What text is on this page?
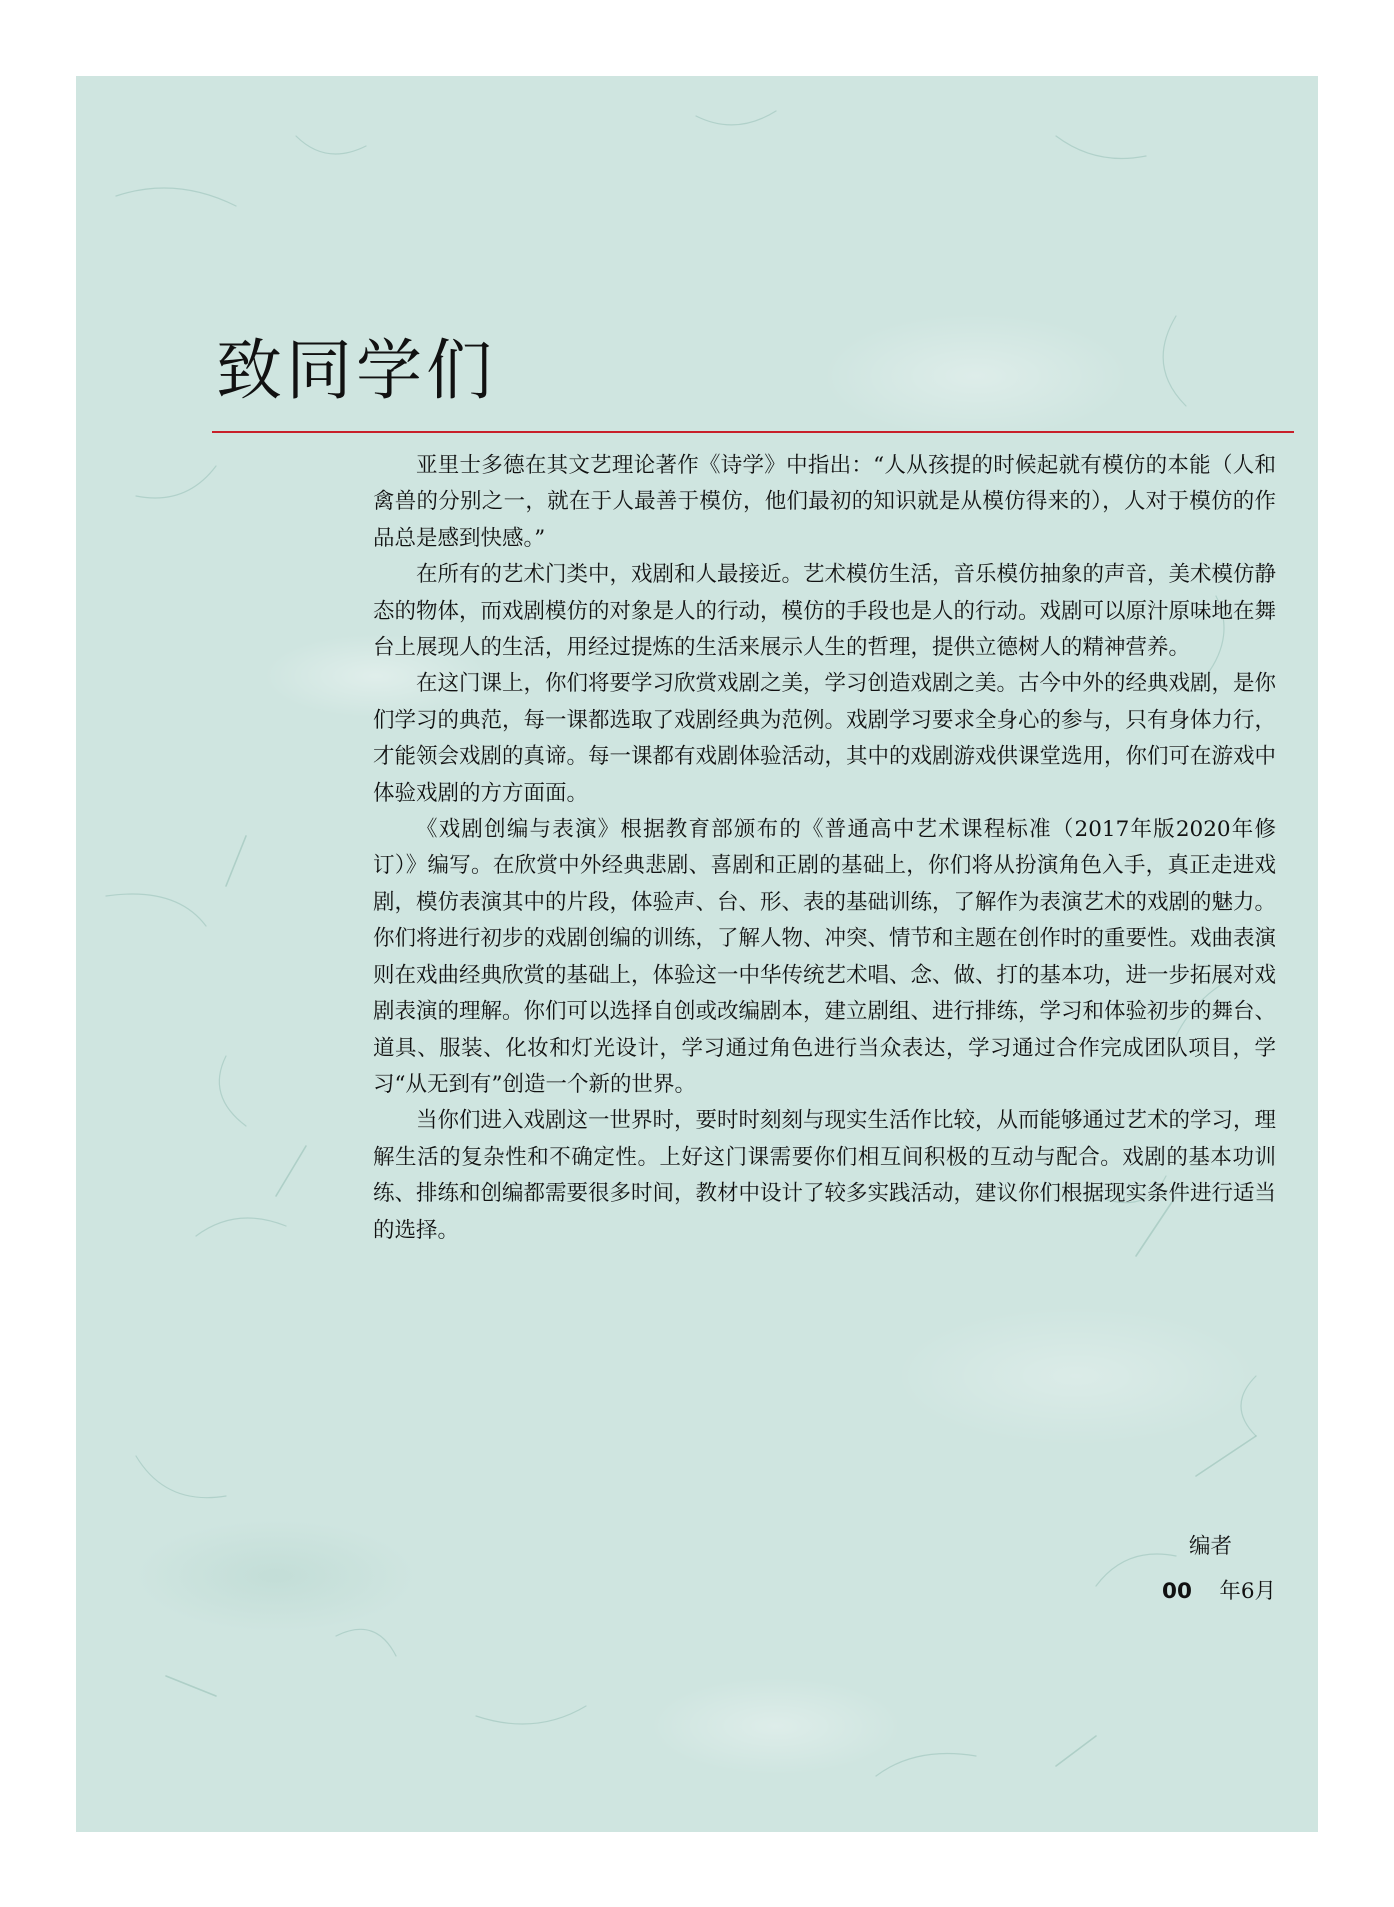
致同学们

亚里士多德在其文艺理论著作《诗学》中指出：“人从孩提的时候起就有模仿的本能（人和禽兽的分别之一，就在于人最善于模仿，他们最初的知识就是从模仿得来的），人对于模仿的作品总是感到快感。”

在所有的艺术门类中，戏剧和人最接近。艺术模仿生活，音乐模仿抽象的声音，美术模仿静态的物体，而戏剧模仿的对象是人的行动，模仿的手段也是人的行动。戏剧可以原汁原味地在舞台上展现人的生活，用经过提炼的生活来展示人生的哲理，提供立德树人的精神营养。

在这门课上，你们将要学习欣赏戏剧之美，学习创造戏剧之美。古今中外的经典戏剧，是你们学习的典范，每一课都选取了戏剧经典为范例。戏剧学习要求全身心的参与，只有身体力行，才能领会戏剧的真谛。每一课都有戏剧体验活动，其中的戏剧游戏供课堂选用，你们可在游戏中体验戏剧的方方面面。

《戏剧创编与表演》根据教育部颁布的《普通高中艺术课程标准（2017年版2020年修订）》编写。在欣赏中外经典悲剧、喜剧和正剧的基础上，你们将从扮演角色入手，真正走进戏剧，模仿表演其中的片段，体验声、台、形、表的基础训练，了解作为表演艺术的戏剧的魅力。你们将进行初步的戏剧创编的训练，了解人物、冲突、情节和主题在创作时的重要性。戏曲表演则在戏曲经典欣赏的基础上，体验这一中华传统艺术唱、念、做、打的基本功，进一步拓展对戏剧表演的理解。你们可以选择自创或改编剧本，建立剧组、进行排练，学习和体验初步的舞台、道具、服装、化妆和灯光设计，学习通过角色进行当众表达，学习通过合作完成团队项目，学习“从无到有”创造一个新的世界。

当你们进入戏剧这一世界时，要时时刻刻与现实生活作比较，从而能够通过艺术的学习，理解生活的复杂性和不确定性。上好这门课需要你们相互间积极的互动与配合。戏剧的基本功训练、排练和创编都需要很多时间，教材中设计了较多实践活动，建议你们根据现实条件进行适当的选择。

编者
00 年6月
